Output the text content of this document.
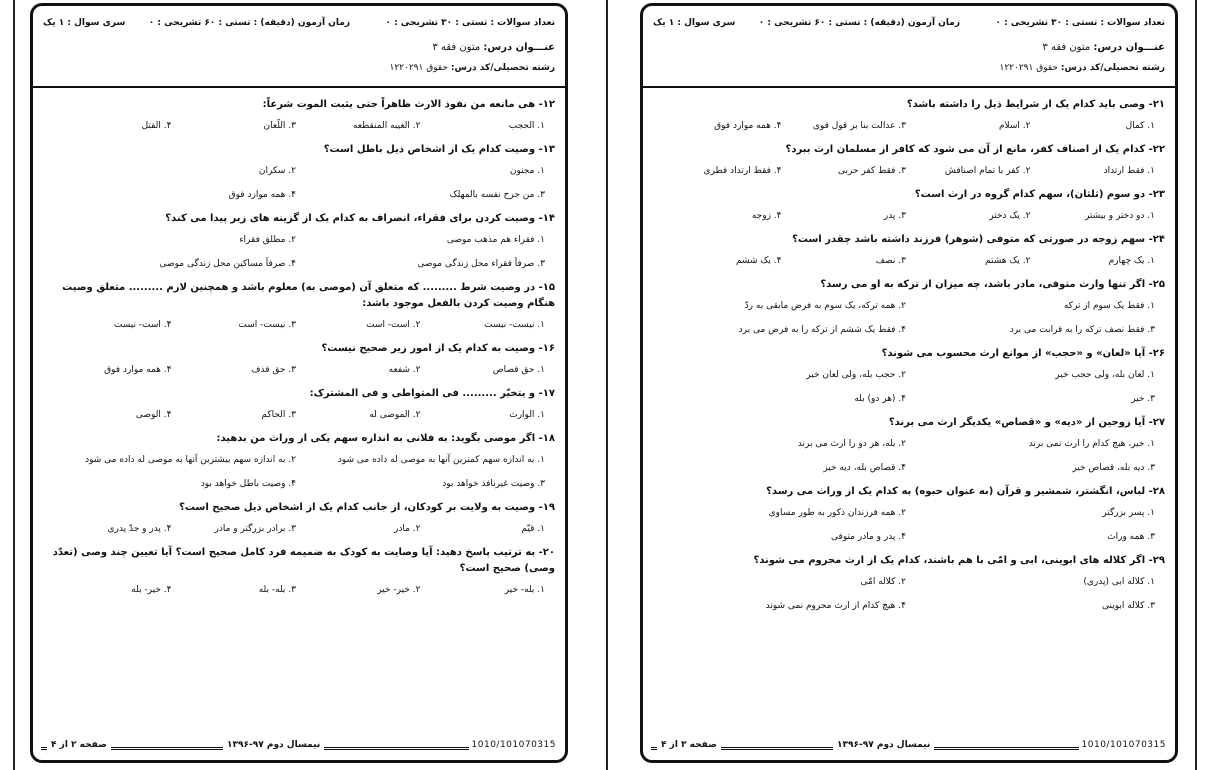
تعداد سوالات : تستی : ۳۰ تشریحی : ۰
زمان آزمون (دقیقه) : تستی : ۶۰ تشریحی : ۰
سری سوال : ۱ یک
عنـــوان درس: متون فقه ۳
رشته تحصیلی/کد درس: حقوق ۱۲۲۰۲۹۱
۱۲- هی مانعه من نفوذ الارث ظاهراً حتی یثبت الموت شرعاً:
۱. الحجب
۲. الغیبه المنقطعه
۳. اللّعان
۴. القتل
۱۳- وصیت کدام یک از اشخاص ذیل باطل است؟
۱. مجنون
۲. سکران
۳. من جرح نفسه بالمهلک
۴. همه موارد فوق
۱۴- وصیت کردن برای فقراء، انصراف به کدام یک از گزینه های زیر پیدا می کند؟
۱. فقراء هم مذهب موصی
۲. مطلق فقراء
۳. صرفاً فقراء محل زندگی موصی
۴. صرفاً مساکین محل زندگی موصی
۱۵- در وصیت شرط ......... که متعلق آن (موصی به) معلوم باشد و همچنین لازم ......... متعلق وصیت هنگام وصیت کردن بالفعل موجود باشد:
۱. نیست- نیست
۲. است- است
۳. نیست- است
۴. است- نیست
۱۶- وصیت به کدام یک از امور زیر صحیح نیست؟
۱. حق قصاص
۲. شفعه
۳. حق قذف
۴. همه موارد فوق
۱۷- و یتخیّر ......... فی المتواطی و فی المشترک:
۱. الوارث
۲. الموصی له
۳. الحاکم
۴. الوصی
۱۸- اگر موصی بگوید: به فلانی به اندازه سهم یکی از وراث من بدهید:
۱. به اندازه سهم کمترین آنها به موصی له داده می شود
۲. به اندازه سهم بیشترین آنها به موصی له داده می شود
۳. وصیت غیرنافذ خواهد بود
۴. وصیت باطل خواهد بود
۱۹- وصیت به ولایت بر کودکان، از جانب کدام یک از اشخاص ذیل صحیح است؟
۱. قیّم
۲. مادر
۳. برادر بزرگتر و مادر
۴. پدر و جدّ پدری
۲۰- به ترتیب پاسخ دهید: آیا وصایت به کودک به ضمیمه فرد کامل صحیح است؟ آیا تعیین چند وصی (تعدّد وصی) صحیح است؟
۱. بله- خیر
۲. خیر- خیر
۳. بله- بله
۴. خیر- بله
1010/101070315
نیمسال دوم ۹۷-۱۳۹۶
صفحه ۲ از ۴
تعداد سوالات : تستی : ۳۰ تشریحی : ۰
زمان آزمون (دقیقه) : تستی : ۶۰ تشریحی : ۰
سری سوال : ۱ یک
عنـــوان درس: متون فقه ۳
رشته تحصیلی/کد درس: حقوق ۱۲۲۰۲۹۱
۲۱- وصی باید کدام یک از شرایط ذیل را داشته باشد؟
۱. کمال
۲. اسلام
۳. عدالت بنا بر قول قوی
۴. همه موارد فوق
۲۲- کدام یک از اصناف کفر، مانع از آن می شود که کافر از مسلمان ارث ببرد؟
۱. فقط ارتداد
۲. کفر با تمام اصنافش
۳. فقط کفر حربی
۴. فقط ارتداد فطری
۲۳- دو سوم (ثلثان)، سهم کدام گروه در ارث است؟
۱. دو دختر و بیشتر
۲. یک دختر
۳. پدر
۴. زوجه
۲۴- سهم زوجه در صورتی که متوفی (شوهر) فرزند داشته باشد چقدر است؟
۱. یک چهارم
۲. یک هشتم
۳. نصف
۴. یک ششم
۲۵- اگر تنها وارث متوفی، مادر باشد، چه میزان از ترکه به او می رسد؟
۱. فقط یک سوم از ترکه
۲. همه ترکه، یک سوم به فرض مابقی به ردّ
۳. فقط نصف ترکه را به قرابت می برد
۴. فقط یک ششم از ترکه را به فرض می برد
۲۶- آیا «لعان» و «حجب» از موانع ارث محسوب می شوند؟
۱. لعان بله، ولی حجب خیر
۲. حجب بله، ولی لعان خیر
۳. خیر
۴. (هر دو) بله
۲۷- آیا زوجین از «دیه» و «قصاص» یکدیگر ارث می برند؟
۱. خیر، هیچ کدام را ارث نمی برند
۲. بله، هر دو را ارث می برند
۳. دیه بله، قصاص خیر
۴. قصاص بله، دیه خیر
۲۸- لباس، انگشتر، شمشیر و قرآن (به عنوان حبوه) به کدام یک از وراث می رسد؟
۱. پسر بزرگتر
۲. همه فرزندان ذکور به طور مساوی
۳. همه وراث
۴. پدر و مادر متوفی
۲۹- اگر کلاله های ابوینی، ابی و امّی با هم باشند، کدام یک از ارث محروم می شوند؟
۱. کلاله ابی (پدری)
۲. کلاله امّی
۳. کلاله ابوینی
۴. هیچ کدام از ارث محروم نمی شوند
1010/101070315
نیمسال دوم ۹۷-۱۳۹۶
صفحه ۳ از ۴
